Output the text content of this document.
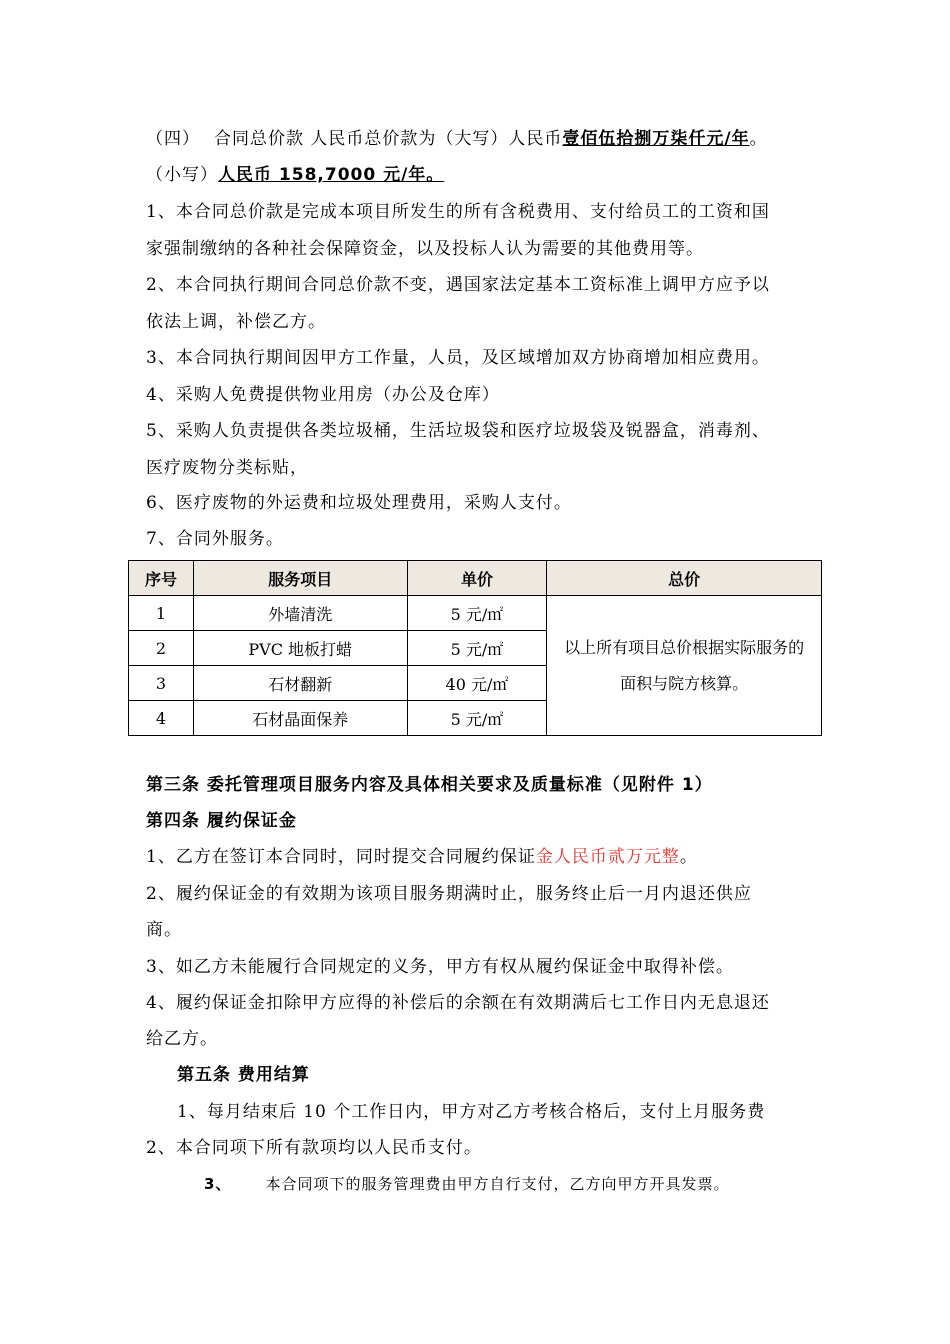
（四） 合同总价款 人民币总价款为（大写）人民币壹佰伍拾捌万柒仟元/年。
（小写）人民币 158,7000 元/年。
1、本合同总价款是完成本项目所发生的所有含税费用、支付给员工的工资和国
家强制缴纳的各种社会保障资金，以及投标人认为需要的其他费用等。
2、本合同执行期间合同总价款不变，遇国家法定基本工资标准上调甲方应予以
依法上调，补偿乙方。
3、本合同执行期间因甲方工作量，人员，及区域增加双方协商增加相应费用。
4、采购人免费提供物业用房（办公及仓库）
5、采购人负责提供各类垃圾桶，生活垃圾袋和医疗垃圾袋及锐器盒，消毒剂、
医疗废物分类标贴，
6、医疗废物的外运费和垃圾处理费用，采购人支付。
7、合同外服务。
序号	服务项目	单价	总价
1	外墙清洗	5 元/㎡	以上所有项目总价根据实际服务的面积与院方核算。
2	PVC 地板打蜡	5 元/㎡	
3	石材翻新	40 元/㎡	
4	石材晶面保养	5 元/㎡	
第三条 委托管理项目服务内容及具体相关要求及质量标准（见附件 1）
第四条 履约保证金
1、乙方在签订本合同时，同时提交合同履约保证金人民币贰万元整。
2、履约保证金的有效期为该项目服务期满时止，服务终止后一月内退还供应
商。
3、如乙方未能履行合同规定的义务，甲方有权从履约保证金中取得补偿。
4、履约保证金扣除甲方应得的补偿后的余额在有效期满后七工作日内无息退还
给乙方。
第五条 费用结算
1、每月结束后 10 个工作日内，甲方对乙方考核合格后，支付上月服务费
2、本合同项下所有款项均以人民币支付。
3、 本合同项下的服务管理费由甲方自行支付，乙方向甲方开具发票。
